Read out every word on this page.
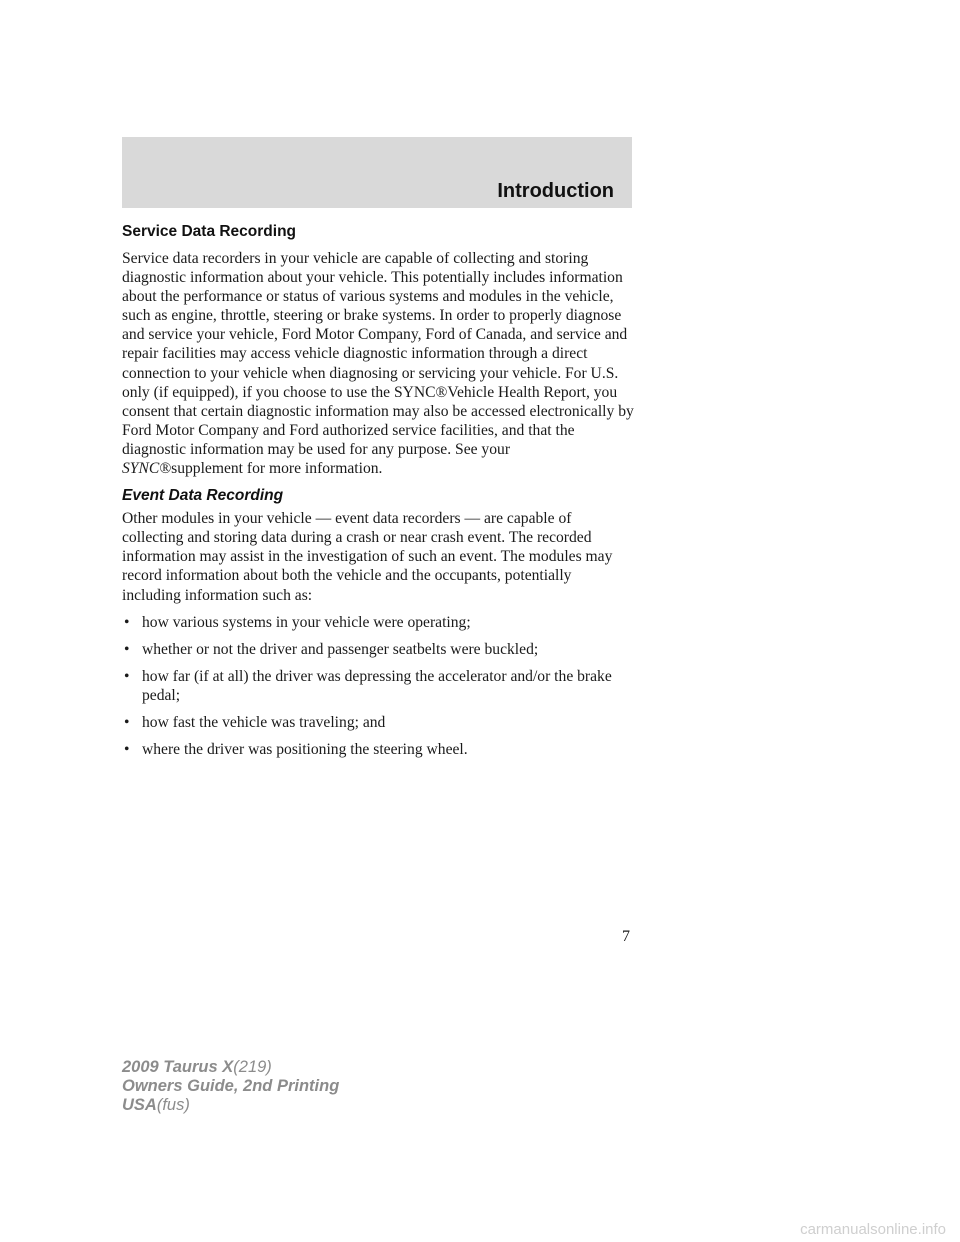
Introduction
Service Data Recording

Service data recorders in your vehicle are capable of collecting and storing diagnostic information about your vehicle. This potentially includes information about the performance or status of various systems and modules in the vehicle, such as engine, throttle, steering or brake systems. In order to properly diagnose and service your vehicle, Ford Motor Company, Ford of Canada, and service and repair facilities may access vehicle diagnostic information through a direct connection to your vehicle when diagnosing or servicing your vehicle. For U.S. only (if equipped), if you choose to use the SYNC®Vehicle Health Report, you consent that certain diagnostic information may also be accessed electronically by Ford Motor Company and Ford authorized service facilities, and that the diagnostic information may be used for any purpose. See your SYNC®supplement for more information.

Event Data Recording

Other modules in your vehicle — event data recorders — are capable of collecting and storing data during a crash or near crash event. The recorded information may assist in the investigation of such an event. The modules may record information about both the vehicle and the occupants, potentially including information such as:

• how various systems in your vehicle were operating;
• whether or not the driver and passenger seatbelts were buckled;
• how far (if at all) the driver was depressing the accelerator and/or the brake pedal;
• how fast the vehicle was traveling; and
• where the driver was positioning the steering wheel.

7

2009 Taurus X(219)
Owners Guide, 2nd Printing
USA(fus)
carmanualsonline.info
